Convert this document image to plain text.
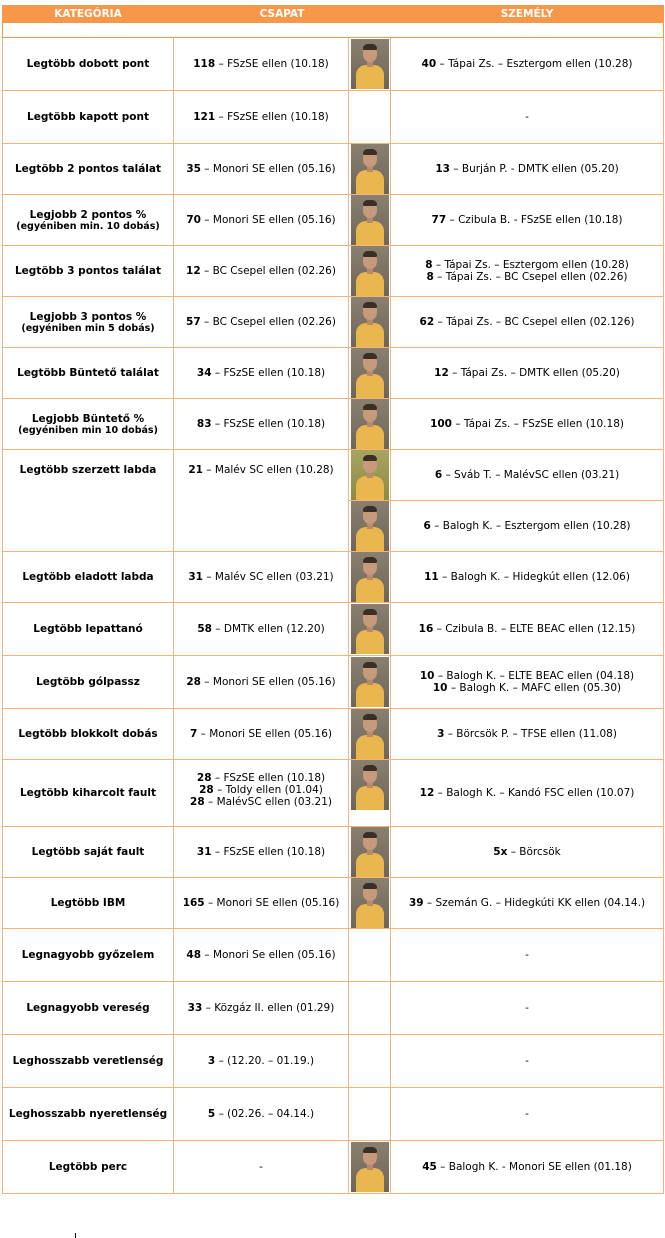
KATEGÓRIA	CSAPAT		SZEMÉLY

Legtöbb dobott pont	118 – FSzSE ellen (10.18)		40 – Tápai Zs. – Esztergom ellen (10.28)

Legtöbb kapott pont	121 – FSzSE ellen (10.18)		-
Legtöbb 2 pontos találat	35 – Monori SE ellen (05.16)		13 – Burján P. - DMTK ellen (05.20)

Legjobb 2 pontos %
(egyéniben min. 10 dobás)	70 – Monori SE ellen (05.16)		77 – Czibula B. - FSzSE ellen (10.18)

Legtöbb 3 pontos találat	12 – BC Csepel ellen (02.26)		8 – Tápai Zs. – Esztergom ellen (10.28)
8 – Tápai Zs. – BC Csepel ellen (02.26)

Legjobb 3 pontos %
(egyéniben min 5 dobás)	57 – BC Csepel ellen (02.26)		62 – Tápai Zs. – BC Csepel ellen (02.126)

Legtöbb Büntető találat	34 – FSzSE ellen (10.18)		12 – Tápai Zs. – DMTK ellen (05.20)

Legjobb Büntető %
(egyéniben min 10 dobás)	83 – FSzSE ellen (10.18)		100 – Tápai Zs. – FSzSE ellen (10.18)

Legtöbb szerzett labda	21 – Malév SC ellen (10.28)		6 – Sváb T. – MalévSC ellen (03.21)

			6 – Balogh K. – Esztergom ellen (10.28)

Legtöbb eladott labda	31 – Malév SC ellen (03.21)		11 – Balogh K. – Hidegkút ellen (12.06)

Legtöbb lepattanó	58 – DMTK ellen (12.20)		16 – Czibula B. – ELTE BEAC ellen (12.15)

Legtöbb gólpassz	28 – Monori SE ellen (05.16)		10 – Balogh K. – ELTE BEAC ellen (04.18)
10 – Balogh K. – MAFC ellen (05.30)

Legtöbb blokkolt dobás	7 – Monori SE ellen (05.16)		3 – Börcsök P. – TFSE ellen (11.08)

Legtöbb kiharcolt fault	28 – FSzSE ellen (10.18)
28 – Toldy ellen (01.04)
28 – MalévSC ellen (03.21)		12 – Balogh K. – Kandó FSC ellen (10.07)

Legtöbb saját fault	31 – FSzSE ellen (10.18)		5x – Börcsök

Legtöbb IBM	165 – Monori SE ellen (05.16)		39 – Szemán G. – Hidegkúti KK ellen (04.14.)

Legnagyobb győzelem	48 – Monori Se ellen (05.16)		-
Legnagyobb vereség	33 – Közgáz II. ellen (01.29)		-
Leghosszabb veretlenség	3 – (12.20. – 01.19.)		-
Leghosszabb nyeretlenség	5 – (02.26. – 04.14.)		-
Legtöbb perc	-		45 – Balogh K. - Monori SE ellen (01.18)
